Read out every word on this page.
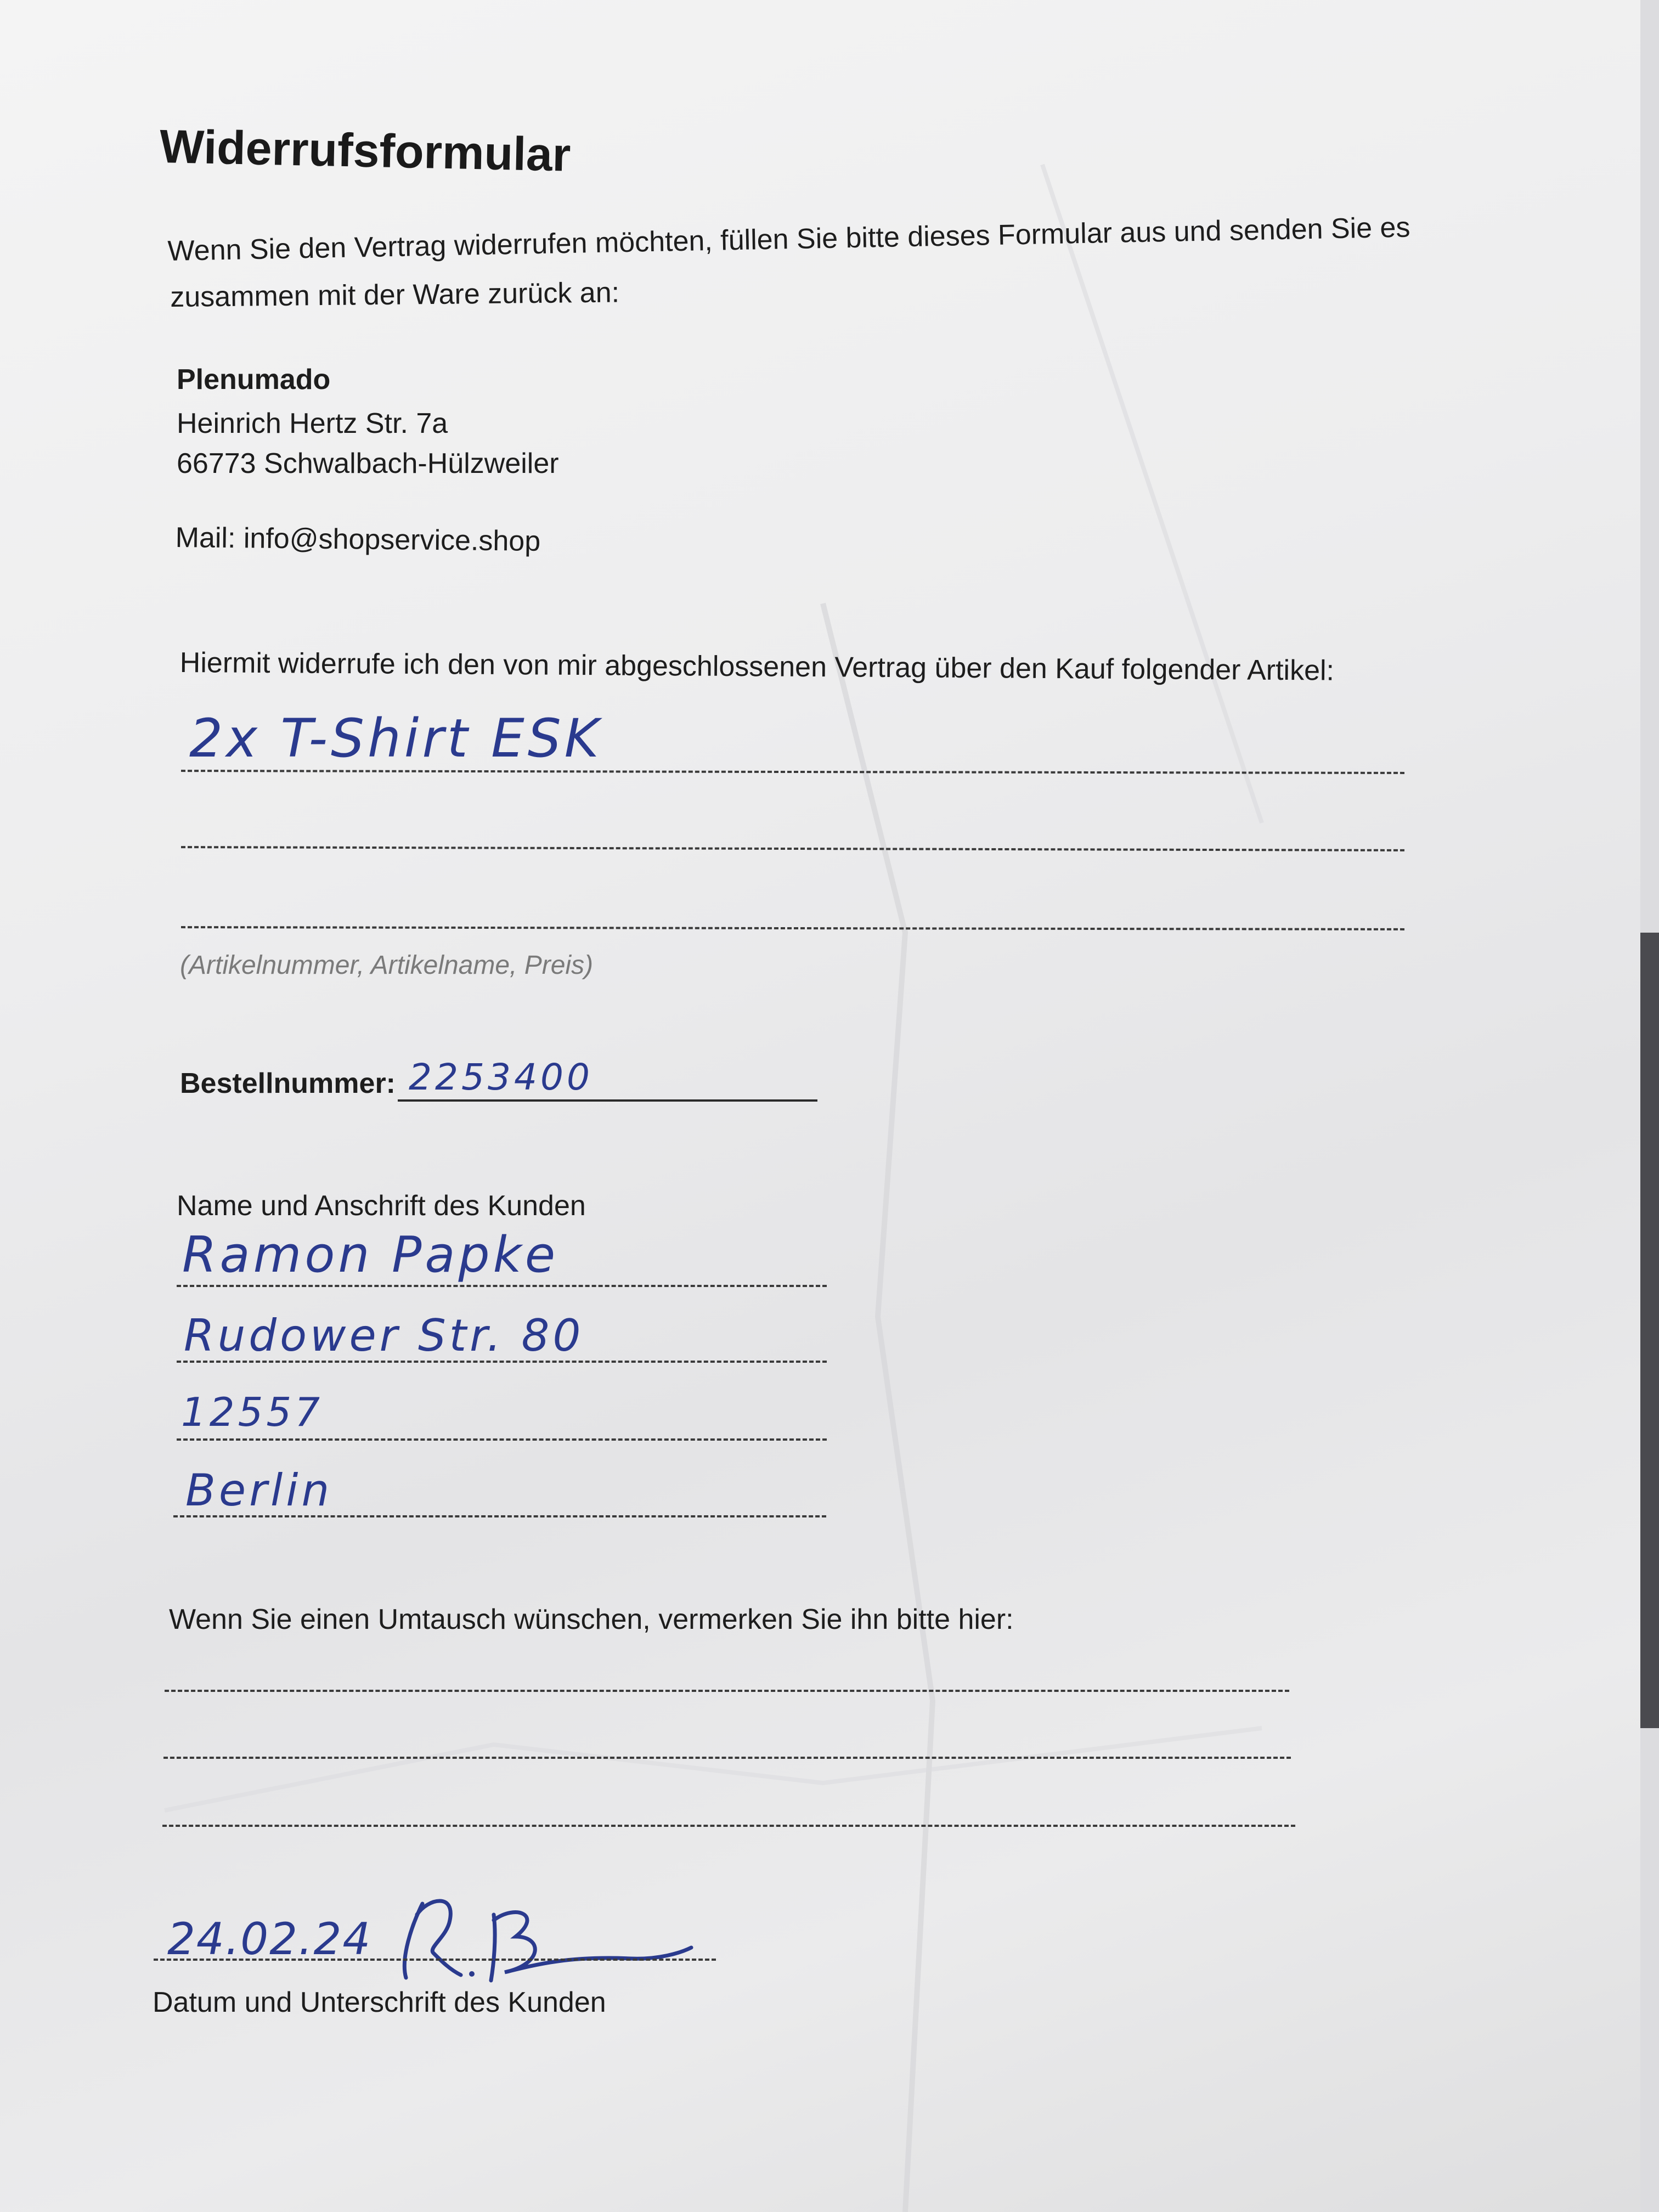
Widerrufsformular
Wenn Sie den Vertrag widerrufen möchten, füllen Sie bitte dieses Formular aus und senden Sie es
zusammen mit der Ware zurück an:
Plenumado
Heinrich Hertz Str. 7a
66773 Schwalbach-Hülzweiler
Mail: info@shopservice.shop
Hiermit widerrufe ich den von mir abgeschlossenen Vertrag über den Kauf folgender Artikel:
2x T-Shirt ESK
(Artikelnummer, Artikelname, Preis)
Bestellnummer: 2253400
Name und Anschrift des Kunden
Ramon Papke
Rudower Str. 80
12557
Berlin
Wenn Sie einen Umtausch wünschen, vermerken Sie ihn bitte hier:
24.02.24
Datum und Unterschrift des Kunden
